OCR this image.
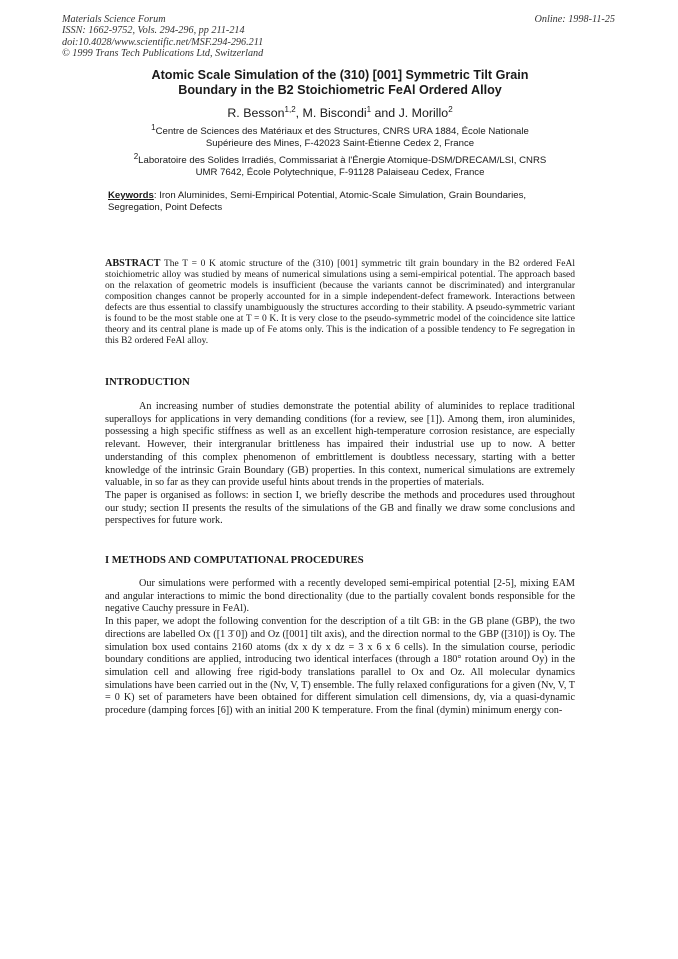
Materials Science Forum
ISSN: 1662-9752, Vols. 294-296, pp 211-214
doi:10.4028/www.scientific.net/MSF.294-296.211
© 1999 Trans Tech Publications Ltd, Switzerland
Online: 1998-11-25
Atomic Scale Simulation of the (310) [001] Symmetric Tilt Grain
Boundary in the B2 Stoichiometric FeAl Ordered Alloy
R. Besson$^{1,2}$, M. Biscondi$^1$ and J. Morillo$^2$
$^1$Centre de Sciences des Matériaux et des Structures, CNRS URA 1884, École Nationale
Supérieure des Mines, F-42023 Saint-Étienne Cedex 2, France
$^2$Laboratoire des Solides Irradiés, Commissariat à l'Énergie Atomique-DSM/DRECAM/LSI, CNRS
UMR 7642, École Polytechnique, F-91128 Palaiseau Cedex, France
Keywords: Iron Aluminides, Semi-Empirical Potential, Atomic-Scale Simulation, Grain Boundaries, Segregation, Point Defects
ABSTRACT The T = 0 K atomic structure of the (310) [001] symmetric tilt grain boundary in the B2 ordered FeAl stoichiometric alloy was studied by means of numerical simulations using a semi-empirical potential. The approach based on the relaxation of geometric models is insufficient (because the variants cannot be discriminated) and intergranular composition changes cannot be properly accounted for in a simple independent-defect framework. Interactions between defects are thus essential to classify unambiguously the structures according to their stability. A pseudo-symmetric variant is found to be the most stable one at T = 0 K. It is very close to the pseudo-symmetric model of the coincidence site lattice theory and its central plane is made up of Fe atoms only. This is the indication of a possible tendency to Fe segregation in this B2 ordered FeAl alloy.
INTRODUCTION

An increasing number of studies demonstrate the potential ability of aluminides to replace traditional superalloys for applications in very demanding conditions (for a review, see [1]). Among them, iron aluminides, possessing a high specific stiffness as well as an excellent high-temperature corrosion resistance, are especially relevant. However, their intergranular brittleness has impaired their industrial use up to now. A better understanding of this complex phenomenon of embrittlement is doubtless necessary, starting with a better knowledge of the intrinsic Grain Boundary (GB) properties. In this context, numerical simulations are extremely valuable, in so far as they can provide useful hints about trends in the properties of materials.

The paper is organised as follows: in section I, we briefly describe the methods and procedures used throughout our study; section II presents the results of the simulations of the GB and finally we draw some conclusions and perspectives for future work.

I METHODS AND COMPUTATIONAL PROCEDURES

Our simulations were performed with a recently developed semi-empirical potential [2-5], mixing EAM and angular interactions to mimic the bond directionality (due to the partially covalent bonds responsible for the negative Cauchy pressure in FeAl).

In this paper, we adopt the following convention for the description of a tilt GB: in the GB plane (GBP), the two directions are labelled Ox ([1 3̄ 0]) and Oz ([001] tilt axis), and the direction normal to the GBP ([310]) is Oy. The simulation box used contains 2160 atoms (dx x dy x dz = 3 x 6 x 6 cells). In the simulation course, periodic boundary conditions are applied, introducing two identical interfaces (through a 180° rotation around Oy) in the simulation cell and allowing free rigid-body translations parallel to Ox and Oz. All molecular dynamics simulations have been carried out in the (Nv, V, T) ensemble. The fully relaxed configurations for a given (Nv, V, T = 0 K) set of parameters have been obtained for different simulation cell dimensions, dy, via a quasi-dynamic procedure (damping forces [6]) with an initial 200 K temperature. From the final (dymin) minimum energy con-
